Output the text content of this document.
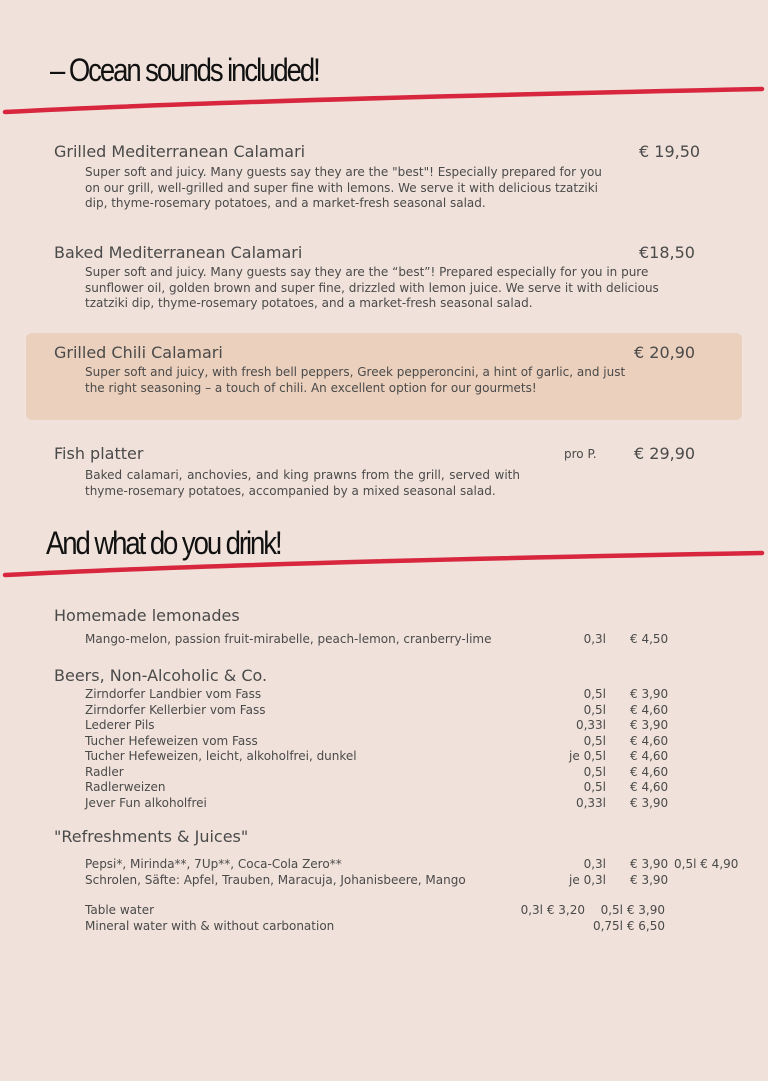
– Ocean sounds included!
Grilled Mediterranean Calamari	€ 19,50
Super soft and juicy. Many guests say they are the "best"! Especially prepared for you on our grill, well-grilled and super fine with lemons. We serve it with delicious tzatziki dip, thyme-rosemary potatoes, and a market-fresh seasonal salad.
Baked Mediterranean Calamari	€18,50
Super soft and juicy. Many guests say they are the “best”! Prepared especially for you in pure sunflower oil, golden brown and super fine, drizzled with lemon juice. We serve it with delicious tzatziki dip, thyme-rosemary potatoes, and a market-fresh seasonal salad.
Grilled Chili Calamari	€ 20,90
Super soft and juicy, with fresh bell peppers, Greek pepperoncini, a hint of garlic, and just the right seasoning – a touch of chili. An excellent option for our gourmets!
Fish platter	pro P. € 29,90
Baked calamari, anchovies, and king prawns from the grill, served with thyme-rosemary potatoes, accompanied by a mixed seasonal salad.
And what do you drink!
Homemade lemonades
Mango-melon, passion fruit-mirabelle, peach-lemon, cranberry-lime	0,3l € 4,50
Beers, Non-Alcoholic & Co.
Zirndorfer Landbier vom Fass	0,5l € 3,90
Zirndorfer Kellerbier vom Fass	0,5l € 4,60
Lederer Pils	0,33l € 3,90
Tucher Hefeweizen vom Fass	0,5l € 4,60
Tucher Hefeweizen, leicht, alkoholfrei, dunkel	je 0,5l € 4,60
Radler	0,5l € 4,60
Radlerweizen	0,5l € 4,60
Jever Fun alkoholfrei	0,33l € 3,90
"Refreshments & Juices"
Pepsi*, Mirinda**, 7Up**, Coca-Cola Zero**	0,3l € 3,90 0,5l € 4,90
Schrolen, Säfte: Apfel, Trauben, Maracuja, Johanisbeere, Mango	je 0,3l € 3,90
Table water	0,3l € 3,20 0,5l € 3,90
Mineral water with & without carbonation	0,75l € 6,50
